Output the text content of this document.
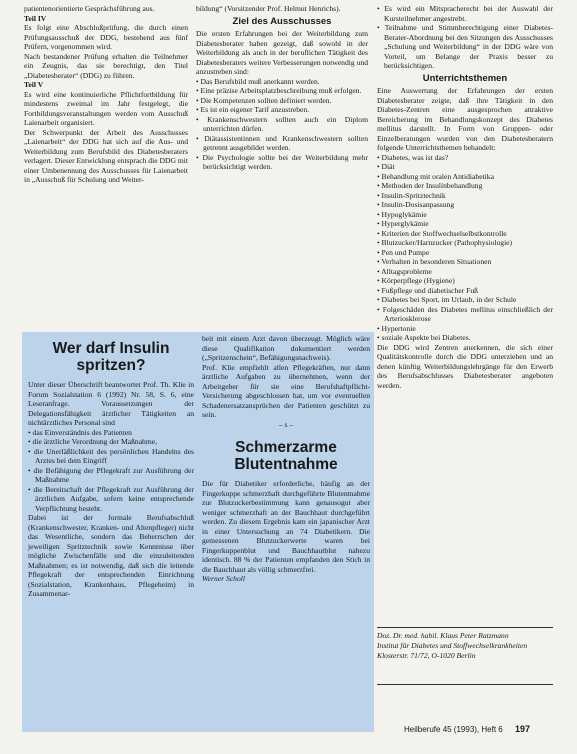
patientenorientierte Gesprächsführung aus.

Teil IV

Es folgt eine Abschlußprüfung, die durch einen Prüfungsausschuß der DDG, bestehend aus fünf Prüfern, vorgenommen wird.

Nach bestandener Prüfung erhalten die Teilnehmer ein Zeugnis, das sie berechtigt, den Titel „Diabetesberater“ (DDG) zu führen.

Teil V

Es wird eine kontinuierliche Pflichtfortbildung für mindestens zweimal im Jahr festgelegt, die Fortbildungsveranstaltungen werden vom Ausschuß Laienarbeit organisiert.

Der Schwerpunkt der Arbeit des Ausschusses „Laienarbeit“ der DDG hat sich auf die Aus- und Weiterbildung zum Berufsbild des Diabetesberaters verlagert. Dieser Entwicklung entsprach die DDG mit einer Umbenennung des Ausschusses für Laienarbeit in „Ausschuß für Schulung und Weiter-

bildung“ (Vorsitzender Prof. Helmut Henrichs).

Ziel des Ausschusses

Die ersten Erfahrungen bei der Weiterbildung zum Diabetesberater haben gezeigt, daß sowohl in der Weiterbildung als auch in der beruflichen Tätigkeit des Diabetesberaters weitere Verbesserungen notwendig und anzustreben sind:

• Das Berufsbild muß anerkannt werden.

• Eine präzise Arbeitsplatzbeschreibung muß erfolgen.

• Die Kompetenzen sollten definiert werden.

• Es ist ein eigener Tarif anzustreben.

• Krankenschwestern sollten auch ein Diplom unterrichten dürfen.

• Diätassistentinnen und Krankenschwestern sollten getrennt ausgebildet werden.

• Die Psychologie sollte bei der Weiterbildung mehr berücksichtigt werden.

• Es wird ein Mitspracherecht bei der Auswahl der Kursteilnehmer angestrebt.

• Teilnahme und Stimmberechtigung einer Diabetes-Berater-Abordnung bei den Sitzungen des Ausschusses „Schulung und Weiterbildung“ in der DDG wäre von Vorteil, um Belange der Praxis besser zu berücksichtigen.

Unterrichtsthemen

Eine Auswertung der Erfahrungen der ersten Diabetesberater zeigte, daß ihre Tätigkeit in den Diabetes-Zentren eine ausgesprochen attraktive Bereicherung im Behandlungskonzept des Diabetes mellitus darstellt. In Form von Gruppen- oder Einzelberatungen wurden von den Diabetesberatern folgende Unterrichtsthemen behandelt:

• Diabetes, was ist das?

• Diät

• Behandlung mit oralen Antidiabetika

• Methoden der Insulinbehandlung

• Insulin-Spritztechnik

• Insulin-Dosisanpassung

• Hypoglykämie

• Hyperglykämie

• Kriterien der Stoffwechselselbstkontrolle

• Blutzucker/Harnzucker (Pathophysiologie)

• Pen und Pumpe

• Verhalten in besonderen Situationen

• Alltagsprobleme

• Körperpflege (Hygiene)

• Fußpflege und diabetischer Fuß

• Diabetes bei Sport, im Urlaub, in der Schule

• Folgeschäden des Diabetes mellitus einschließlich der Arteriosklerose

• Hypertonie

• soziale Aspekte bei Diabetes.

Die DDG wird Zentren anerkennen, die sich einer Qualitätskontrolle durch die DDG unterziehen und an denen künftig Weiterbildungslehrgänge für den Erwerb des Berufsabschlusses Diabetesberater angeboten werden.

Doz. Dr. med. habil. Klaus Peter Ratzmann
Institut für Diabetes und Stoffwechselkrankheiten
Klosterstr. 71/72, O-1020 Berlin
Wer darf Insulin spritzen?

Unter dieser Überschrift beantwortet Prof. Th. Klie in Forum Sozialstation 6 (1992) Nr. 58, S. 6, eine Leseranfrage. Voraussetzungen der Delegationsfähigkeit ärztlicher Tätigkeiten an nichtärztliches Personal sind

• das Einverständnis des Patienten

• die ärztliche Verordnung der Maßnahme,

• die Unerläßlichkeit des persönlichen Handelns des Arztes bei dem Eingriff

• die Befähigung der Pflegekraft zur Ausführung der Maßnahme

• die Bereitschaft der Pflegekraft zur Ausführung der ärztlichen Aufgabe, sofern keine entsprechende Verpflichtung besteht.

Dabei ist der formale Berufsabschluß (Krankenschwester, Kranken- und Altenpfleger) nicht das Wesentliche, sondern das Beherrschen der jeweiligen Spritztechnik sowie Kenntnisse über mögliche Zwischenfälle und die einzuleitenden Maßnahmen; es ist notwendig, daß sich die leitende Pflegekraft der entsprechenden Einrichtung (Sozialstation, Krankenhaus, Pflegeheim) in Zusammenar-

beit mit einem Arzt davon überzeugt. Möglich wäre diese Qualifikation dokumentiert werden („Spritzenschein“, Befähigungsnachweis).

Prof. Klie empfiehlt allen Pflegekräften, nur dann ärztliche Aufgaben zu übernehmen, wenn der Arbeitgeber für sie eine Berufshaftpflicht-Versicherung abgeschlossen hat, um vor eventuellen Schadenersatzansprüchen der Patienten geschützt zu sein.

– s –

Schmerzarme Blutentnahme

Die für Diabetiker erforderliche, häufig an der Fingerkuppe schmerzhaft durchgeführte Blutentnahme zur Blutzuckerbestimmung kann genausogut aber weniger schmerzhaft an der Bauchhaut durchgeführt werden. Zu diesem Ergebnis kam ein japanischer Arzt in einer Untersuchung an 74 Diabetikern. Die gemessenen Blutzuckerwerte waren bei Fingerkuppenblut und Bauchhautblut nahezu identisch. 88 % der Patienten empfanden den Stich in die Bauchhaut als völlig schmerzfrei.

Werner Scholl

Heilberufe 45 (1993), Heft 6 197
